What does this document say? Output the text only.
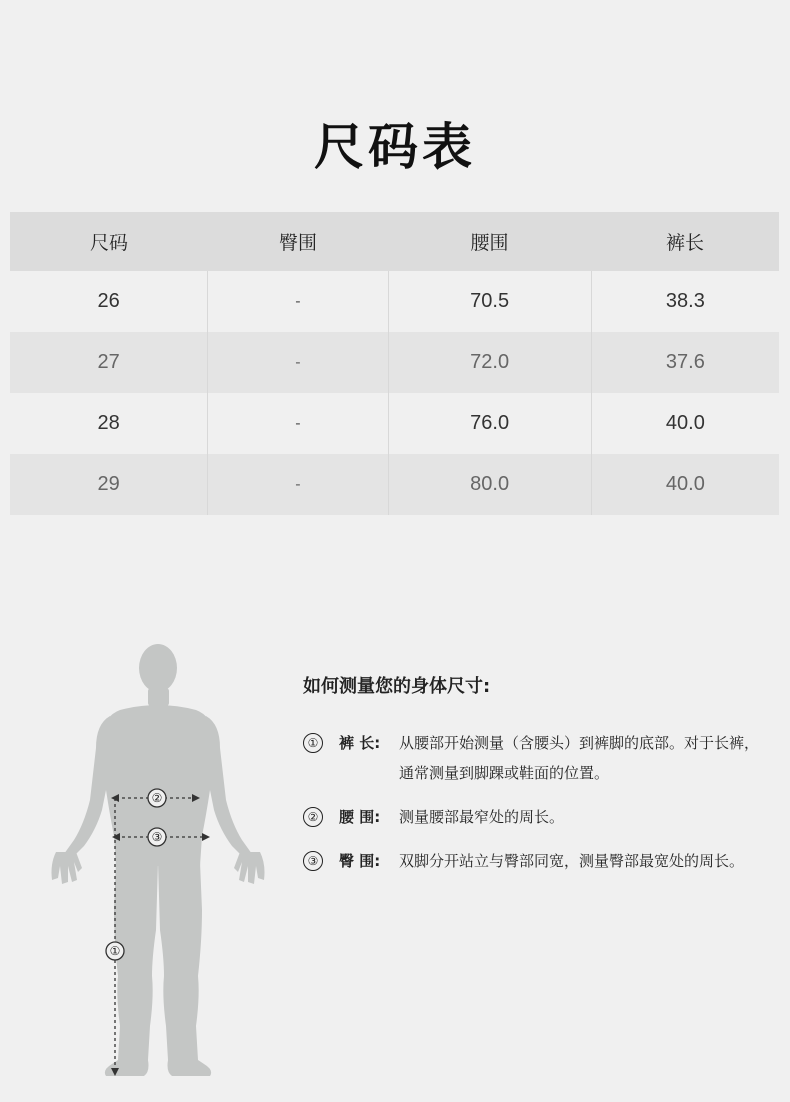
尺码表
尺码	臀围	腰围	裤长
26	-	70.5	38.3
27	-	72.0	37.6
28	-	76.0	40.0
29	-	80.0	40.0
②
③
①
如何测量您的身体尺寸:
①	裤 长:	从腰部开始测量（含腰头）到裤脚的底部。对于长裤，通常测量到脚踝或鞋面的位置。
②	腰 围:	测量腰部最窄处的周长。
③	臀 围:	双脚分开站立与臀部同宽，测量臀部最宽处的周长。
